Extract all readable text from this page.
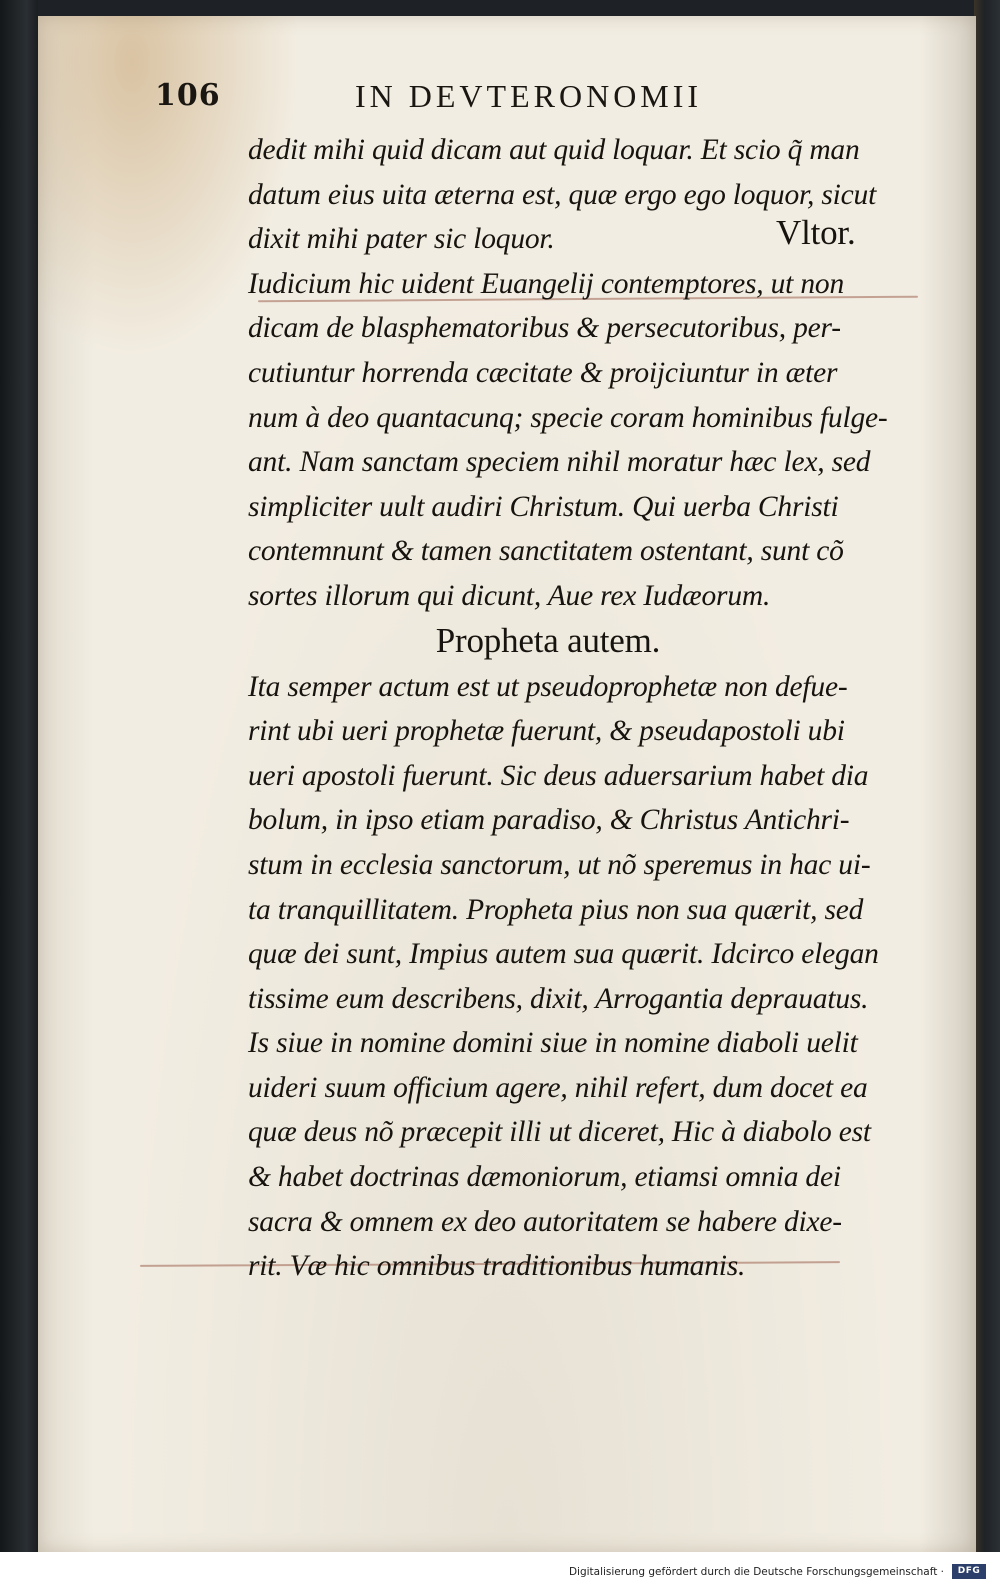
106	IN DEVTERONOMII
dedit mihi quid dicam aut quid loquar. Et scio q̃ man
datum eius uita æterna est, quæ ergo ego loquor, sicut
dixit mihi pater sic loquor.	Vltor.
Iudicium hic uident Euangelij contemptores, ut non
dicam de blasphematoribus & persecutoribus, per-
cutiuntur horrenda cæcitate & proijciuntur in æter
num à deo quantacunq; specie coram hominibus fulge-
ant. Nam sanctam speciem nihil moratur hæc lex, sed
simpliciter uult audiri Christum. Qui uerba Christi
contemnunt & tamen sanctitatem ostentant, sunt cõ
sortes illorum qui dicunt, Aue rex Iudæorum.
Propheta autem.
Ita semper actum est ut pseudoprophetæ non defue-
rint ubi ueri prophetæ fuerunt, & pseudapostoli ubi
ueri apostoli fuerunt. Sic deus aduersarium habet dia
bolum, in ipso etiam paradiso, & Christus Antichri-
stum in ecclesia sanctorum, ut nõ speremus in hac ui-
ta tranquillitatem. Propheta pius non sua quærit, sed
quæ dei sunt, Impius autem sua quærit. Idcirco elegan
tissime eum describens, dixit, Arrogantia deprauatus.
Is siue in nomine domini siue in nomine diaboli uelit
uideri suum officium agere, nihil refert, dum docet ea
quæ deus nõ præcepit illi ut diceret, Hic à diabolo est
& habet doctrinas dæmoniorum, etiamsi omnia dei
sacra & omnem ex deo autoritatem se habere dixe-
rit. Væ hic omnibus traditionibus humanis.
Digitalisierung gefördert durch die Deutsche Forschungsgemeinschaft ·	DFG
